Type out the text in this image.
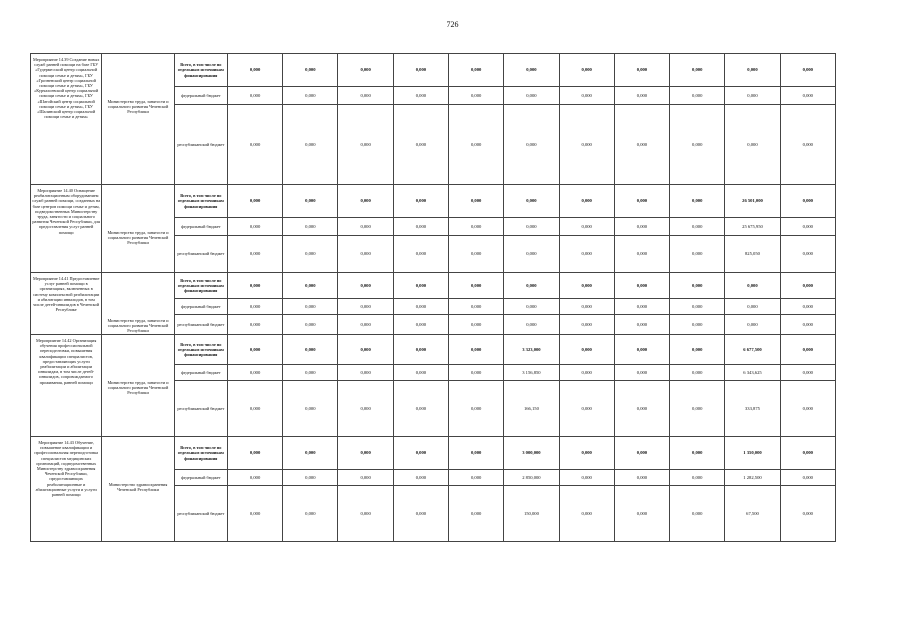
726
Мероприятие 14.39 Создание новых служб ранней помощи на базе ГБУ «Гудермесский центр социальной помощи семье и детям», ГБУ «Грозненский центр социальной помощи семье и детям», ГБУ «Курчалоевский центр социальной помощи семье и детям», ГБУ «Шатойский центр социальной помощи семье и детям», ГБУ «Шалинский центр социальной помощи семье и детям»	Министерство труда, занятости и социального развития Чеченской Республики	Всего, в том числе по отдельным источникам финансирования	0,000	0,000	0,000	0,000	0,000	0,000	0,000	0,000	0,000	0,000	0,000
		федеральный бюджет	0,000	0,000	0,000	0,000	0,000	0,000	0,000	0,000	0,000	0,000	0,000
		республиканский бюджет	0,000	0,000	0,000	0,000	0,000	0,000	0,000	0,000	0,000	0,000	0,000
Мероприятие 14.40 Оснащение реабилитационным оборудованием служб ранней помощи, созданных на базе центров помощи семье и детям, подведомственных Министерству труда, занятости и социального развития Чеченской Республики, для предоставления услуг ранней помощи	Министерство труда, занятости и социального развития Чеченской Республики	Всего, в том числе по отдельным источникам финансирования	0,000	0,000	0,000	0,000	0,000	0,000	0,000	0,000	0,000	26 501,000	0,000
		федеральный бюджет	0,000	0,000	0,000	0,000	0,000	0,000	0,000	0,000	0,000	25 675,950	0,000
		республиканский бюджет	0,000	0,000	0,000	0,000	0,000	0,000	0,000	0,000	0,000	825,050	0,000
Мероприятие 14.41 Предоставление услуг ранней помощи в организациях, включенных в систему комплексной реабилитации и абилитации инвалидов, в том числе детей-инвалидов в Чеченской Республике	Министерство труда, занятости и социального развития Чеченской Республики	Всего, в том числе по отдельным источникам финансирования	0,000	0,000	0,000	0,000	0,000	0,000	0,000	0,000	0,000	0,000	0,000
		федеральный бюджет	0,000	0,000	0,000	0,000	0,000	0,000	0,000	0,000	0,000	0,000	0,000
		республиканский бюджет	0,000	0,000	0,000	0,000	0,000	0,000	0,000	0,000	0,000	0,000	0,000
Мероприятие 14.42 Организация обучения профессиональной переподготовки, повышения квалификации специалистов, предоставляющих услуги реабилитации и абилитации инвалидам, в том числе детей-инвалидов, сопровождаемого проживания, ранней помощи	Министерство труда, занятости и социального развития Чеченской Республики	Всего, в том числе по отдельным источникам финансирования	0,000	0,000	0,000	0,000	0,000	3 323,000	0,000	0,000	0,000	6 677,500	0,000
		федеральный бюджет	0,000	0,000	0,000	0,000	0,000	3 156,850	0,000	0,000	0,000	6 343,625	0,000
		республиканский бюджет	0,000	0,000	0,000	0,000	0,000	166,150	0,000	0,000	0,000	333,875	0,000
Мероприятие 14.43 Обучение, повышение квалификации и профессиональная переподготовка специалистов медицинских организаций, подведомственных Министерству здравоохранения Чеченской Республики, предоставляющих реабилитационные и абилитационные услуги и услуги ранней помощи	Министерство здравоохранения Чеченской Республики	Всего, в том числе по отдельным источникам финансирования	0,000	0,000	0,000	0,000	0,000	3 000,000	0,000	0,000	0,000	1 350,000	0,000
		федеральный бюджет	0,000	0,000	0,000	0,000	0,000	2 850,000	0,000	0,000	0,000	1 282,500	0,000
		республиканский бюджет	0,000	0,000	0,000	0,000	0,000	150,000	0,000	0,000	0,000	67,500	0,000
